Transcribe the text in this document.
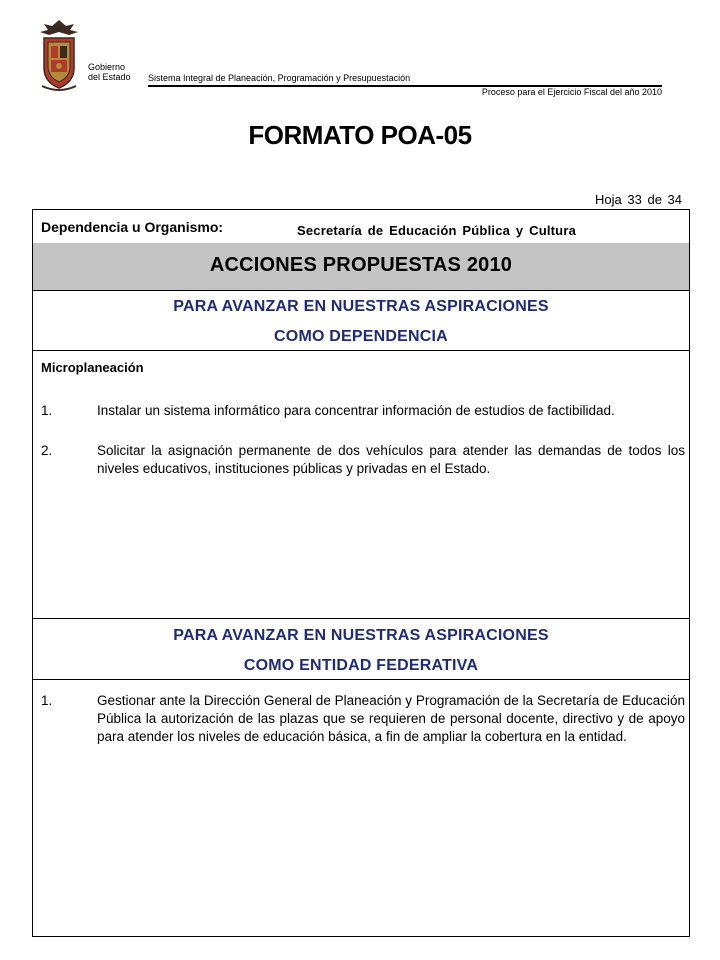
Gobierno
del Estado Sistema Integral de Planeación, Programación y Presupuestación
Proceso para el Ejercicio Fiscal del año 2010
FORMATO POA-05
Hoja 33 de 34
Dependencia u Organismo:	Secretaría de Educación Pública y Cultura
ACCIONES PROPUESTAS 2010
PARA AVANZAR EN NUESTRAS ASPIRACIONES
COMO DEPENDENCIA
Microplaneación
1.	Instalar un sistema informático para concentrar información de estudios de factibilidad.
2.	Solicitar la asignación permanente de dos vehículos para atender las demandas de todos los niveles educativos, instituciones públicas y privadas en el Estado.
PARA AVANZAR EN NUESTRAS ASPIRACIONES
COMO ENTIDAD FEDERATIVA
1.	Gestionar ante la Dirección General de Planeación y Programación de la Secretaría de Educación Pública la autorización de las plazas que se requieren de personal docente, directivo y de apoyo para atender los niveles de educación básica, a fin de ampliar la cobertura en la entidad.
